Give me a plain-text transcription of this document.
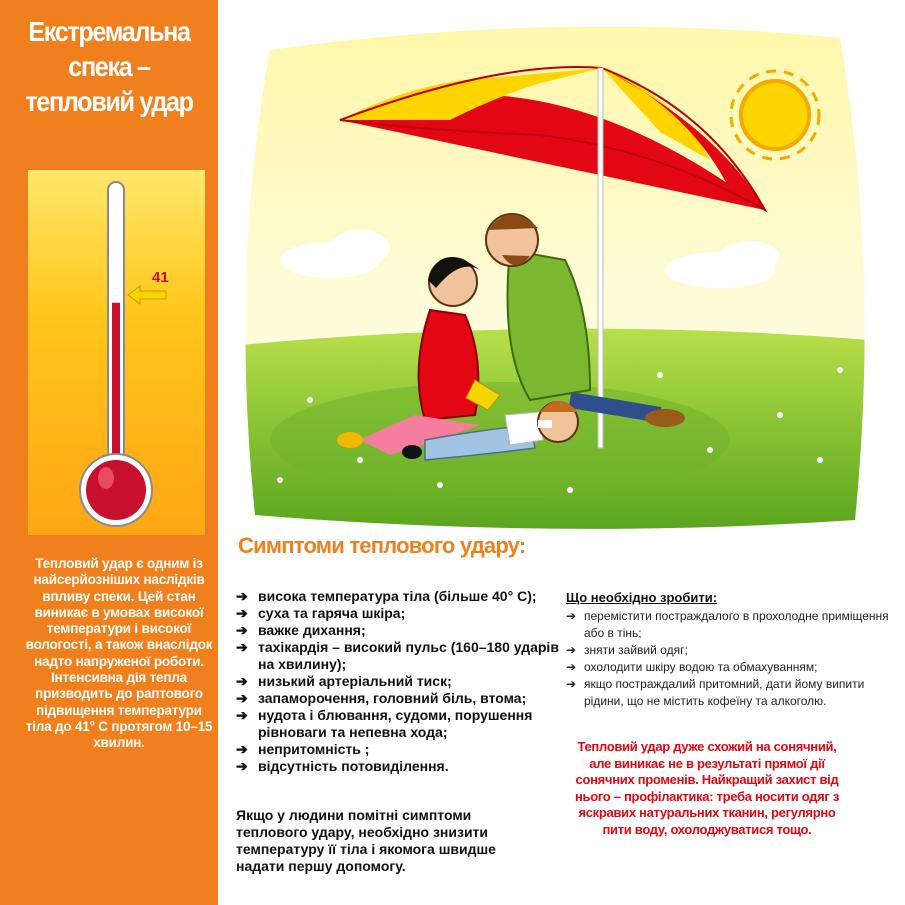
Екстремальна
спека –
тепловий удар
41
Тепловий удар є одним із найсерйозніших наслідків впливу спеки. Цей стан виникає в умовах високої температури і високої вологості, а також внаслідок надто напруженої роботи. Інтенсивна дія тепла призводить до раптового підвищення температури тіла до 41° С протягом 10–15 хвилин.
Симптоми теплового удару:
➔ висока температура тіла (більше 40° С);
➔ суха та гаряча шкіра;
➔ важке дихання;
➔ тахікардія – високий пульс (160–180 ударів на хвилину);
➔ низький артеріальний тиск;
➔ запаморочення, головний біль, втома;
➔ нудота і блювання, судоми, порушення рівноваги та непевна хода;
➔ непритомність ;
➔ відсутність потовиділення.
Якщо у людини помітні симптоми теплового удару, необхідно знизити температуру її тіла і якомога швидше надати першу допомогу.
Що необхідно зробити:
➔ перемістити постраждалого в прохолодне приміщення або в тінь;
➔ зняти зайвий одяг;
➔ охолодити шкіру водою та обмахуванням;
➔ якщо постраждалий притомний, дати йому випити рідини, що не містить кофеїну та алкоголю.
Тепловий удар дуже схожий на сонячний, але виникає не в результаті прямої дії сонячних променів. Найкращий захист від нього – профілактика: треба носити одяг з яскравих натуральних тканин, регулярно пити воду, охолоджуватися тощо.
